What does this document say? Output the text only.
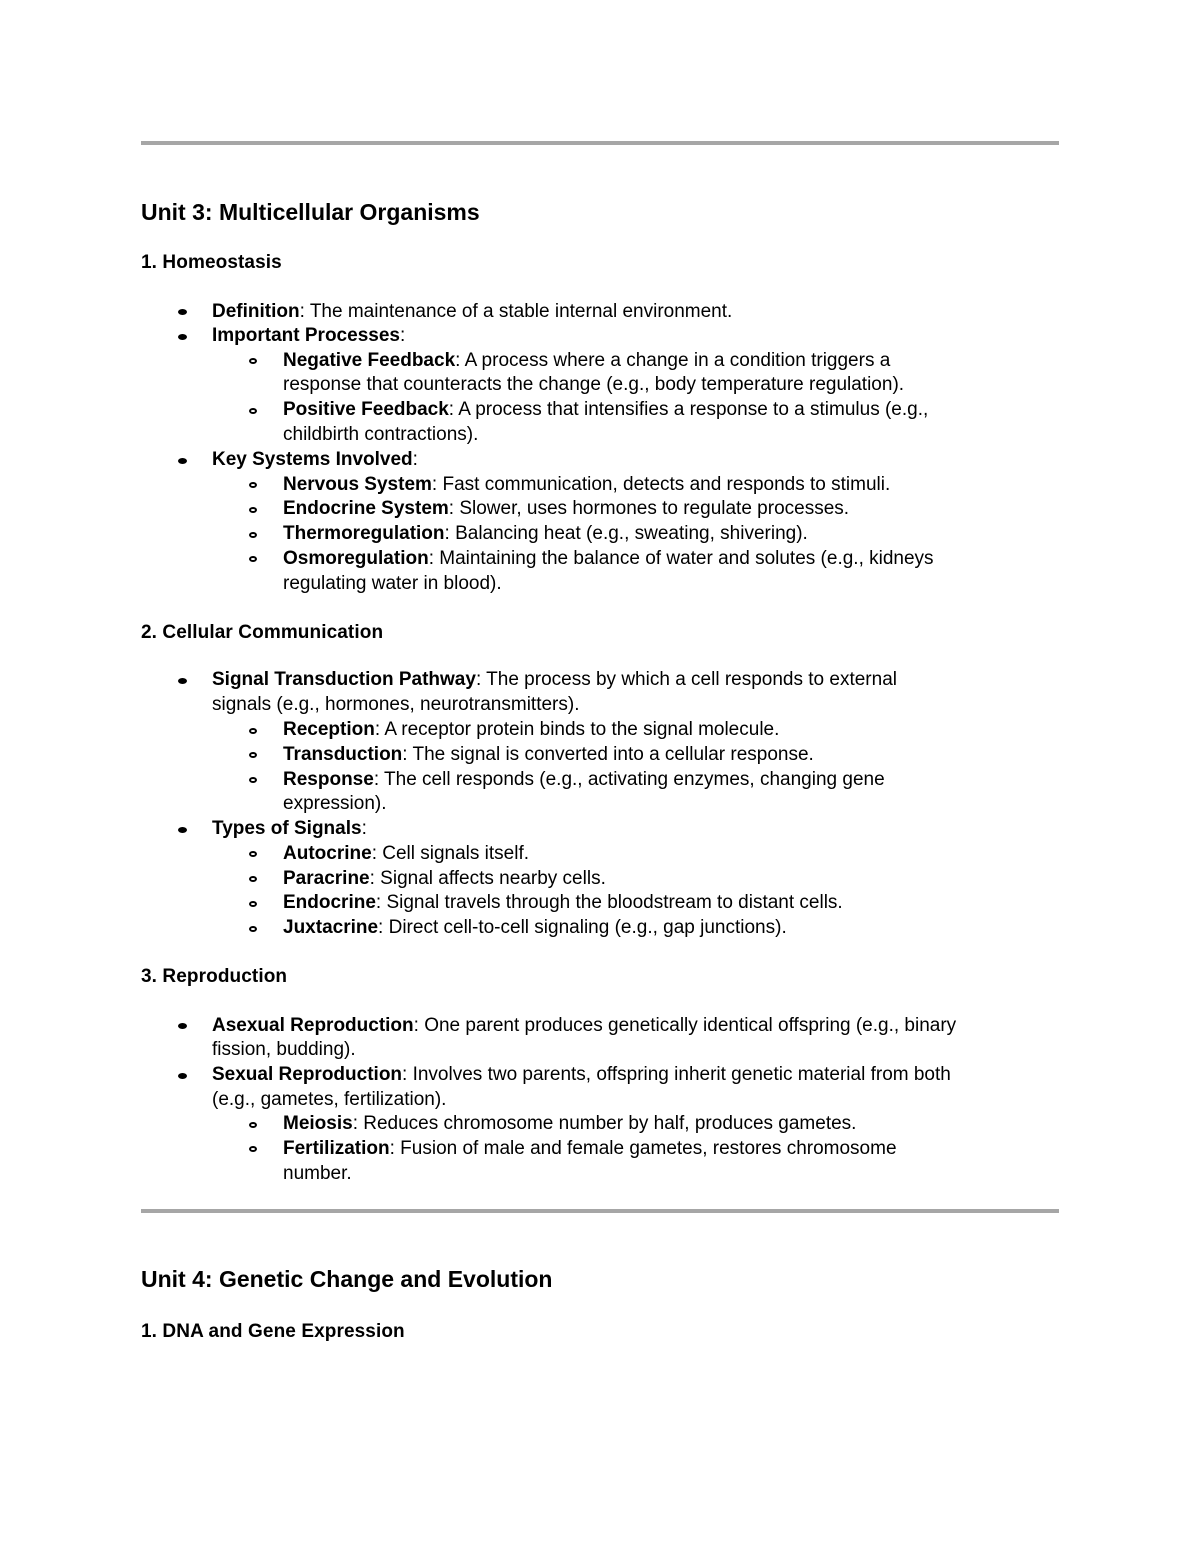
Unit 3: Multicellular Organisms
1. Homeostasis
Definition: The maintenance of a stable internal environment.
Important Processes:
Negative Feedback: A process where a change in a condition triggers a
response that counteracts the change (e.g., body temperature regulation).
Positive Feedback: A process that intensifies a response to a stimulus (e.g.,
childbirth contractions).
Key Systems Involved:
Nervous System: Fast communication, detects and responds to stimuli.
Endocrine System: Slower, uses hormones to regulate processes.
Thermoregulation: Balancing heat (e.g., sweating, shivering).
Osmoregulation: Maintaining the balance of water and solutes (e.g., kidneys
regulating water in blood).
2. Cellular Communication
Signal Transduction Pathway: The process by which a cell responds to external
signals (e.g., hormones, neurotransmitters).
Reception: A receptor protein binds to the signal molecule.
Transduction: The signal is converted into a cellular response.
Response: The cell responds (e.g., activating enzymes, changing gene
expression).
Types of Signals:
Autocrine: Cell signals itself.
Paracrine: Signal affects nearby cells.
Endocrine: Signal travels through the bloodstream to distant cells.
Juxtacrine: Direct cell-to-cell signaling (e.g., gap junctions).
3. Reproduction
Asexual Reproduction: One parent produces genetically identical offspring (e.g., binary
fission, budding).
Sexual Reproduction: Involves two parents, offspring inherit genetic material from both
(e.g., gametes, fertilization).
Meiosis: Reduces chromosome number by half, produces gametes.
Fertilization: Fusion of male and female gametes, restores chromosome
number.
Unit 4: Genetic Change and Evolution
1. DNA and Gene Expression
